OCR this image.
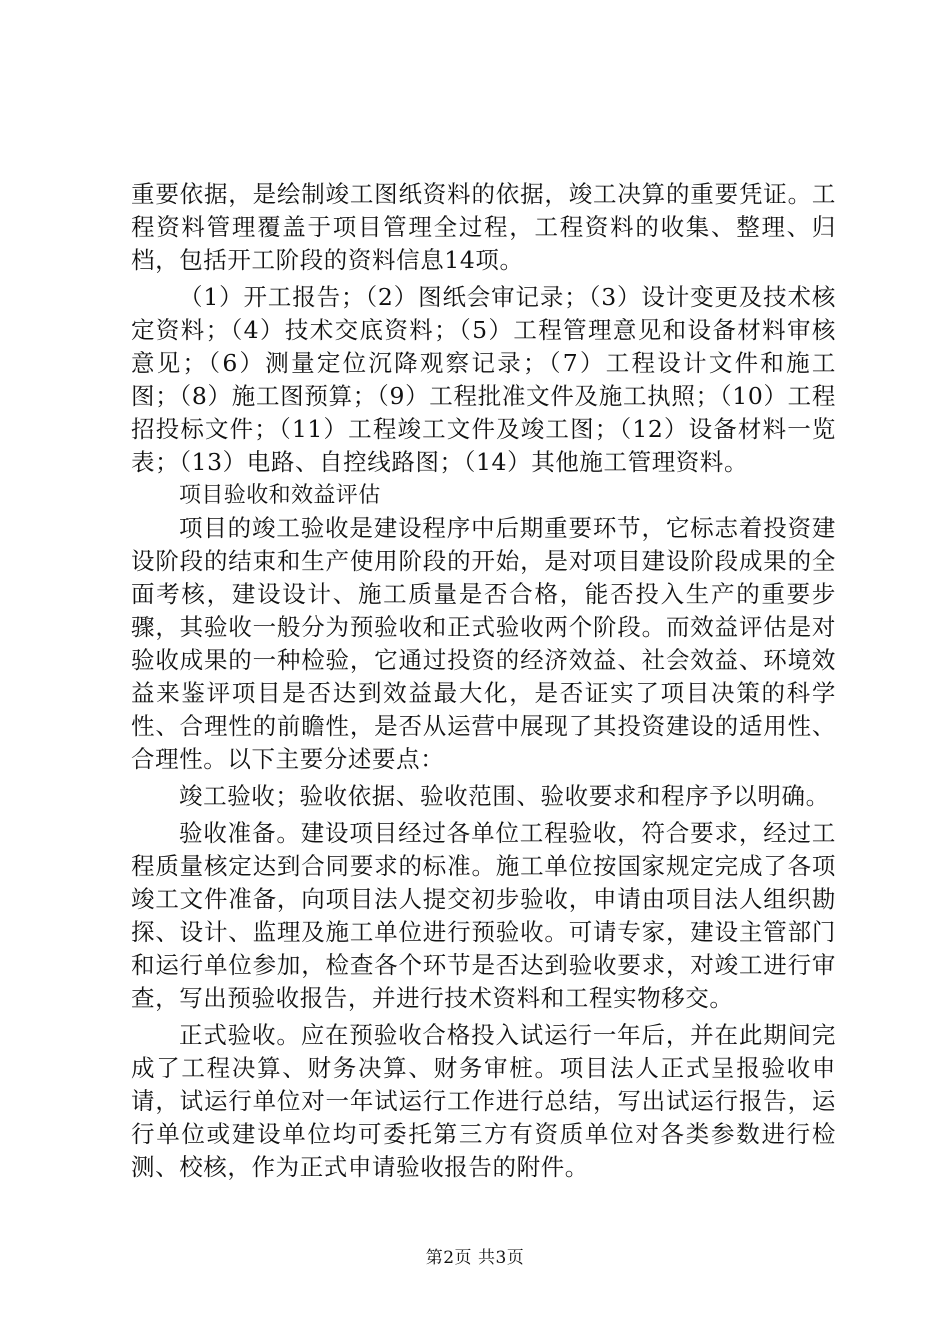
重要依据，是绘制竣工图纸资料的依据，竣工决算的重要凭证。工程资料管理覆盖于项目管理全过程，工程资料的收集、整理、归档，包括开工阶段的资料信息14项。

（1）开工报告；（2）图纸会审记录；（3）设计变更及技术核定资料；（4）技术交底资料；（5）工程管理意见和设备材料审核意见；（6）测量定位沉降观察记录；（7）工程设计文件和施工图；（8）施工图预算；（9）工程批准文件及施工执照；（10）工程招投标文件；（11）工程竣工文件及竣工图；（12）设备材料一览表；（13）电路、自控线路图；（14）其他施工管理资料。

项目验收和效益评估

项目的竣工验收是建设程序中后期重要环节，它标志着投资建设阶段的结束和生产使用阶段的开始，是对项目建设阶段成果的全面考核，建设设计、施工质量是否合格，能否投入生产的重要步骤，其验收一般分为预验收和正式验收两个阶段。而效益评估是对验收成果的一种检验，它通过投资的经济效益、社会效益、环境效益来鉴评项目是否达到效益最大化，是否证实了项目决策的科学性、合理性的前瞻性，是否从运营中展现了其投资建设的适用性、合理性。以下主要分述要点：

竣工验收；验收依据、验收范围、验收要求和程序予以明确。

验收准备。建设项目经过各单位工程验收，符合要求，经过工程质量核定达到合同要求的标准。施工单位按国家规定完成了各项竣工文件准备，向项目法人提交初步验收，申请由项目法人组织勘探、设计、监理及施工单位进行预验收。可请专家，建设主管部门和运行单位参加，检查各个环节是否达到验收要求，对竣工进行审查，写出预验收报告，并进行技术资料和工程实物移交。

正式验收。应在预验收合格投入试运行一年后，并在此期间完成了工程决算、财务决算、财务审桩。项目法人正式呈报验收申请，试运行单位对一年试运行工作进行总结，写出试运行报告，运行单位或建设单位均可委托第三方有资质单位对各类参数进行检测、校核，作为正式申请验收报告的附件。

第2页 共3页
